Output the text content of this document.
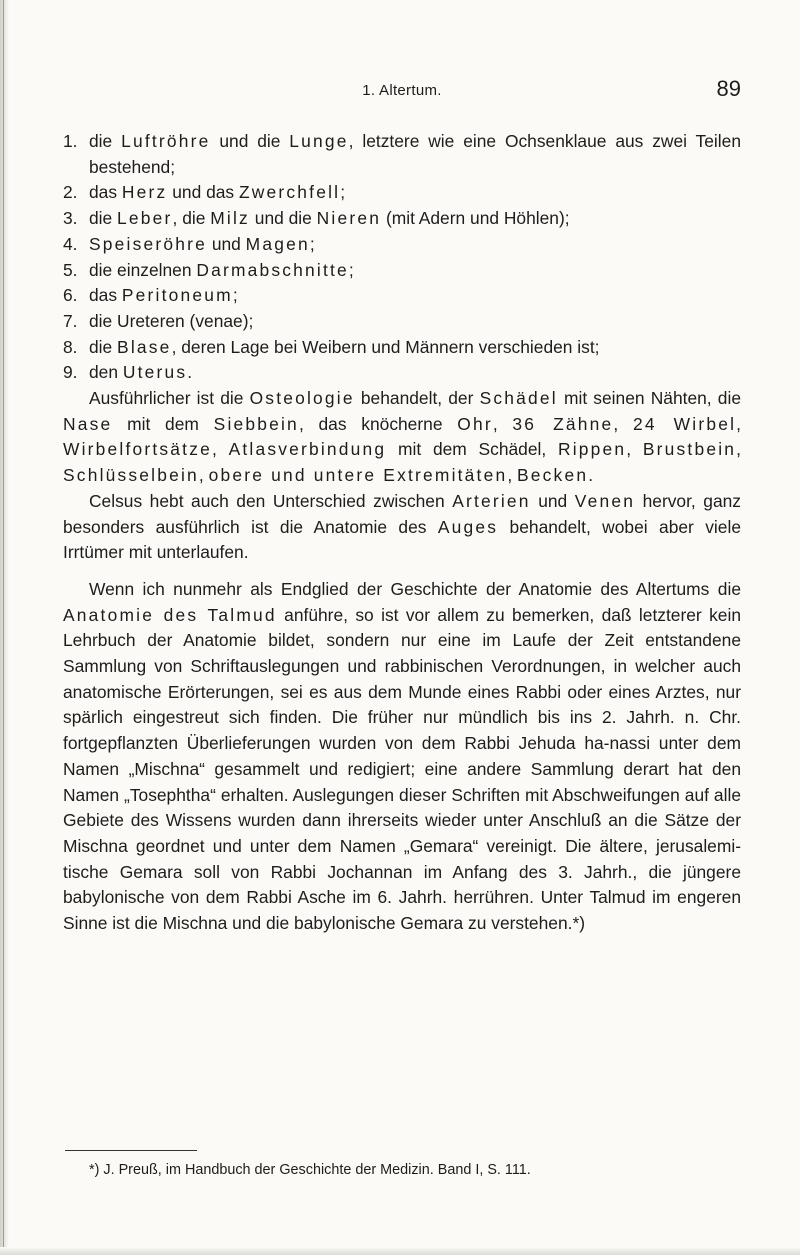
1. Altertum.	89
1. die Luftröhre und die Lunge, letztere wie eine Ochsenklaue aus zwei Teilen bestehend;
2. das Herz und das Zwerchfell;
3. die Leber, die Milz und die Nieren (mit Adern und Höhlen);
4. Speiseröhre und Magen;
5. die einzelnen Darmabschnitte;
6. das Peritoneum;
7. die Ureteren (venae);
8. die Blase, deren Lage bei Weibern und Männern verschieden ist;
9. den Uterus.

Ausführlicher ist die Osteologie behandelt, der Schädel mit seinen Nähten, die Nase mit dem Siebbein, das knöcherne Ohr, 36 Zähne, 24 Wirbel, Wirbelfortsätze, Atlasverbindung mit dem Schädel, Rippen, Brustbein, Schlüsselbein, obere und untere Extremitäten, Becken.

Celsus hebt auch den Unterschied zwischen Arterien und Venen hervor, ganz besonders ausführlich ist die Anatomie des Auges behandelt, wobei aber viele Irrtümer mit unterlaufen.

Wenn ich nunmehr als Endglied der Geschichte der Anatomie des Altertums die Anatomie des Talmud anführe, so ist vor allem zu bemerken, daß letzterer kein Lehrbuch der Anatomie bildet, sondern nur eine im Laufe der Zeit entstandene Sammlung von Schriftauslegungen und rabbinischen Verordnungen, in welcher auch anatomische Erörterungen, sei es aus dem Munde eines Rabbi oder eines Arztes, nur spärlich eingestreut sich finden. Die früher nur mündlich bis ins 2. Jahrh. n. Chr. fortgepflanzten Überlieferungen wurden von dem Rabbi Jehuda ha-nassi unter dem Namen „Mischna“ gesammelt und redigiert; eine andere Sammlung derart hat den Namen „Tosephtha“ erhalten. Auslegungen dieser Schriften mit Abschweifungen auf alle Gebiete des Wissens wurden dann ihrerseits wieder unter Anschluß an die Sätze der Mischna geordnet und unter dem Namen „Gemara“ vereinigt. Die ältere, jerusalemitische Gemara soll von Rabbi Jochannan im Anfang des 3. Jahrh., die jüngere babylonische von dem Rabbi Asche im 6. Jahrh. herrühren. Unter Talmud im engeren Sinne ist die Mischna und die babylonische Gemara zu verstehen.*)

*) J. Preuß, im Handbuch der Geschichte der Medizin. Band I, S. 111.
